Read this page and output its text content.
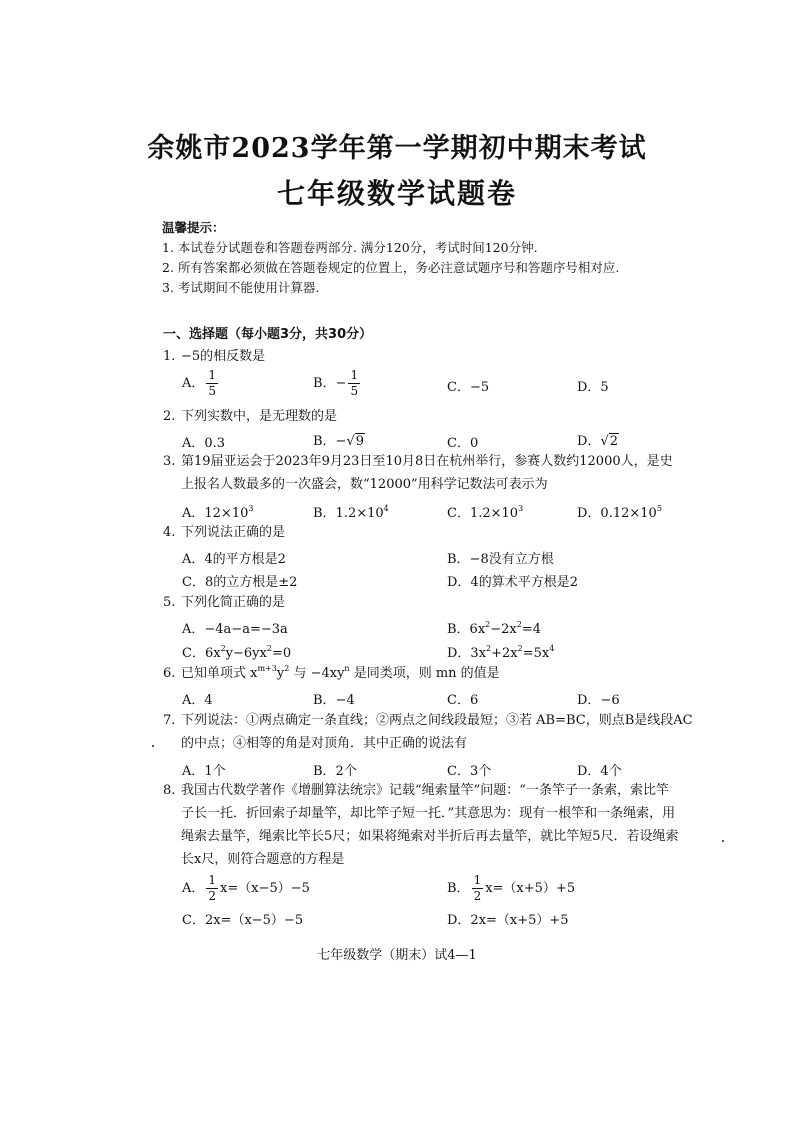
余姚市2023学年第一学期初中期末考试
七年级数学试题卷
温馨提示：
1. 本试卷分试题卷和答题卷两部分. 满分120分，考试时间120分钟.
2. 所有答案都必须做在答题卷规定的位置上，务必注意试题序号和答题序号相对应.
3. 考试期间不能使用计算器.
一、选择题（每小题3分，共30分）
1. −5的相反数是
A． $\frac{1}{5}$	B．− $\frac{1}{5}$	C．−5	D．5
2. 下列实数中，是无理数的是
A．0.3	B．−√9	C．0	D．√2
3. 第19届亚运会于2023年9月23日至10月8日在杭州举行，参赛人数约12000人，是史
上报名人数最多的一次盛会，数“12000”用科学记数法可表示为
A．$12\times 10^3$	B．$1.2\times 10^4$	C．$1.2\times 10^3$	D．$0.12\times 10^5$
4. 下列说法正确的是
A．4的平方根是2	B．−8没有立方根
C．8的立方根是±2	D．4的算术平方根是2
5. 下列化简正确的是
A．−4a−a=−3a	B．$6x^2-2x^2=4$
C．$6x^2y-6yx^2=0$	D．$3x^2+2x^2=5x^4$
6. 已知单项式 $x^{m+3}y^2$ 与 $-4xy^n$ 是同类项，则 mn 的值是
A．4	B．−4	C．6	D．−6
7. 下列说法：①两点确定一条直线；②两点之间线段最短；③若 AB=BC，则点B是线段AC
的中点；④相等的角是对顶角．其中正确的说法有
A．1个	B．2个	C．3个	D．4个
8. 我国古代数学著作《增删算法统宗》记载“绳索量竿”问题：“一条竿子一条索，索比竿
子长一托．折回索子却量竿，却比竿子短一托．”其意思为：现有一根竿和一条绳索，用
绳索去量竿，绳索比竿长5尺；如果将绳索对半折后再去量竿，就比竿短5尺．若设绳索
长x尺，则符合题意的方程是
A． $\frac{1}{2} x=(x-5)-5$	B． $\frac{1}{2} x=(x+5)+5$
C．2x=（x−5）−5	D．2x=（x+5）+5
七年级数学（期末）试4—1
